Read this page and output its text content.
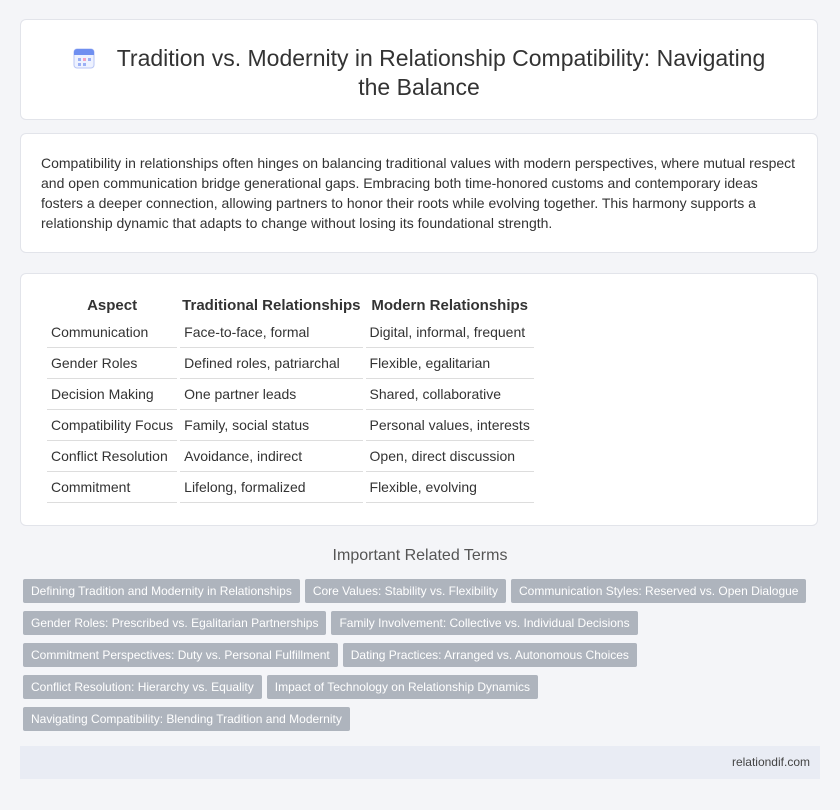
Tradition vs. Modernity in Relationship Compatibility: Navigating the Balance

Compatibility in relationships often hinges on balancing traditional values with modern perspectives, where mutual respect and open communication bridge generational gaps. Embracing both time-honored customs and contemporary ideas fosters a deeper connection, allowing partners to honor their roots while evolving together. This harmony supports a relationship dynamic that adapts to change without losing its foundational strength.

Aspect	Traditional Relationships	Modern Relationships
Communication	Face-to-face, formal	Digital, informal, frequent
Gender Roles	Defined roles, patriarchal	Flexible, egalitarian
Decision Making	One partner leads	Shared, collaborative
Compatibility Focus	Family, social status	Personal values, interests
Conflict Resolution	Avoidance, indirect	Open, direct discussion
Commitment	Lifelong, formalized	Flexible, evolving
Important Related Terms
Defining Tradition and Modernity in Relationships Core Values: Stability vs. Flexibility Communication Styles: Reserved vs. Open Dialogue
Gender Roles: Prescribed vs. Egalitarian Partnerships Family Involvement: Collective vs. Individual Decisions
Commitment Perspectives: Duty vs. Personal Fulfillment Dating Practices: Arranged vs. Autonomous Choices
Conflict Resolution: Hierarchy vs. Equality Impact of Technology on Relationship Dynamics
Navigating Compatibility: Blending Tradition and Modernity
relationdif.com
